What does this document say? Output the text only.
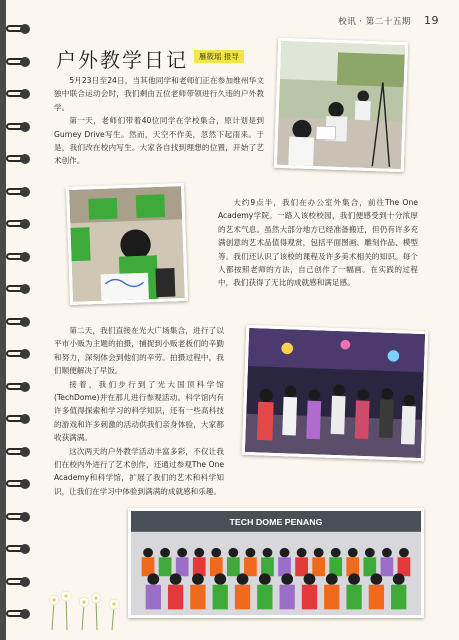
校讯 · 第二十五期 19
户外教学日记	雁筱瑶 报导

5月23日至24日，当其他同学和老师们正在参加维州华文独中联合运动会时，我们剩由五位老师带领进行久违的户外教学。

第一天，老师们带着40位同学在学校集合，原计划是到Gurney Drive写生。然而，天空不作美，忽然下起雨来。于是，我们改在校内写生。大家各自找到理想的位置，开始了艺术创作。

大约9点半，我们在办公室外集合，前往The One Academy学院。一路入该校校园，我们便感受到十分浓厚的艺术气息。虽然大部分地方已经准备搬迁，但仍有许多充满创意的艺术品值得观赏，包括平面图画、雕刻作品、模型等。我们还认识了该校的课程及许多美术相关的知识。每个人都按照老师的方法，自己创作了一幅画。在实践的过程中，我们获得了无比的成就感和满足感。

第二天，我们直接在光大广场集合，进行了以平市小贩为主题的拍摄，捕捉到小贩老板们的辛勤和努力，深刻体会到他们的辛劳。拍摄过程中，我们顺便解决了早饭。

接着，我们步行到了光大国顶科学馆(TechDome)并在那儿进行参观活动。科学馆内有许多值得探索和学习的科学知识，还有一些高科技的游戏和许多刺激的活动供我们亲身体验，大家都收获满满。

这次两天的户外教学活动丰富多彩，不仅让我们在校内外进行了艺术创作，还通过参观The One Academy和科学馆，扩展了我们的艺术和科学知识，让我们在学习中体验到满满的成就感和乐趣。

TECH DOME PENANG
